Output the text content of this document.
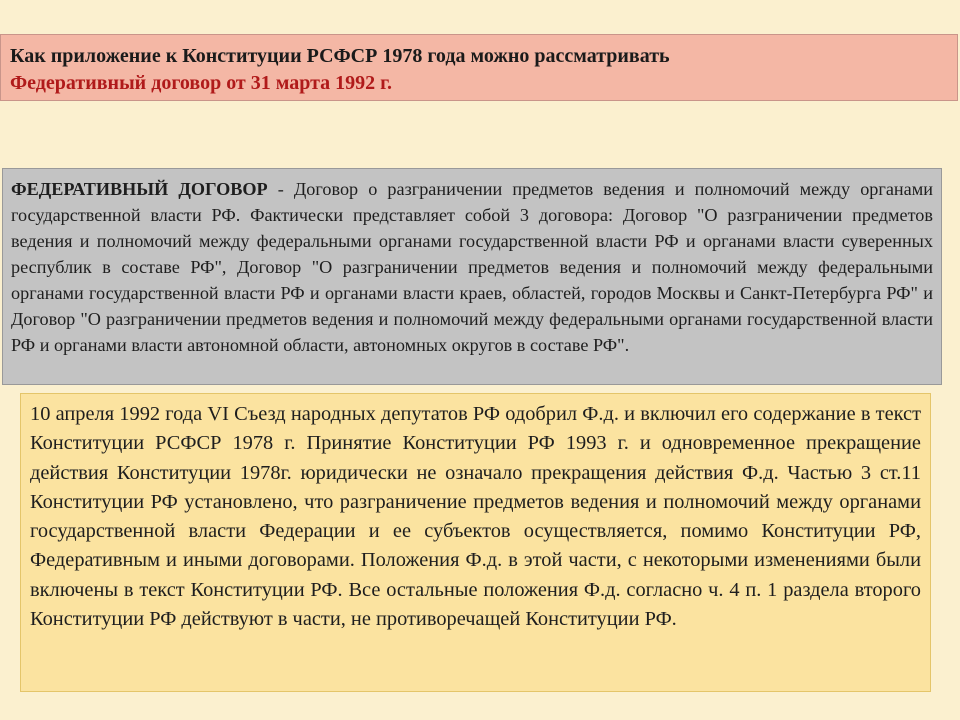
Как приложение к Конституции РСФСР 1978 года можно рассматривать
Федеративный договор от 31 марта 1992 г.
ФЕДЕРАТИВНЫЙ ДОГОВОР - Договор о разграничении предметов ведения и полномочий между органами государственной власти РФ. Фактически представляет собой 3 договора: Договор "О разграничении предметов ведения и полномочий между федеральными органами государственной власти РФ и органами власти суверенных республик в составе РФ", Договор "О разграничении предметов ведения и полномочий между федеральными органами государственной власти РФ и органами власти краев, областей, городов Москвы и Санкт-Петербурга РФ" и Договор "О разграничении предметов ведения и полномочий между федеральными органами государственной власти РФ и органами власти автономной области, автономных округов в составе РФ".
10 апреля 1992 года VI Съезд народных депутатов РФ одобрил Ф.д. и включил его содержание в текст Конституции РСФСР 1978 г. Принятие Конституции РФ 1993 г. и одновременное прекращение действия Конституции 1978г. юридически не означало прекращения действия Ф.д. Частью 3 ст.11 Конституции РФ установлено, что разграничение предметов ведения и полномочий между органами государственной власти Федерации и ее субъектов осуществляется, помимо Конституции РФ, Федеративным и иными договорами. Положения Ф.д. в этой части, с некоторыми изменениями были включены в текст Конституции РФ. Все остальные положения Ф.д. согласно ч. 4 п. 1 раздела второго Конституции РФ действуют в части, не противоречащей Конституции РФ.
